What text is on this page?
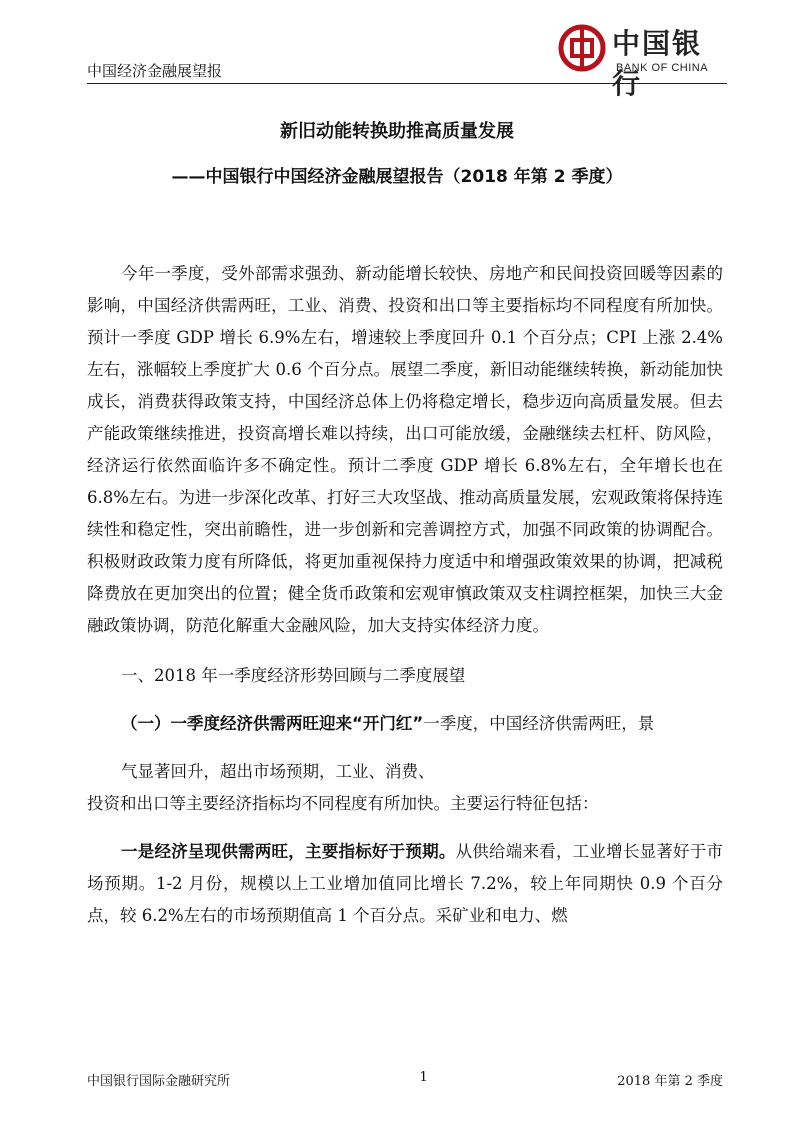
中国经济金融展望报
中国银行
BANK OF CHINA
新旧动能转换助推高质量发展
——中国银行中国经济金融展望报告（2018 年第 2 季度）

今年一季度，受外部需求强劲、新动能增长较快、房地产和民间投资回暖等因素的影响，中国经济供需两旺，工业、消费、投资和出口等主要指标均不同程度有所加快。预计一季度 GDP 增长 6.9%左右，增速较上季度回升 0.1 个百分点；CPI 上涨 2.4%左右，涨幅较上季度扩大 0.6 个百分点。展望二季度，新旧动能继续转换，新动能加快成长，消费获得政策支持，中国经济总体上仍将稳定增长，稳步迈向高质量发展。但去产能政策继续推进，投资高增长难以持续，出口可能放缓，金融继续去杠杆、防风险，经济运行依然面临许多不确定性。预计二季度 GDP 增长 6.8%左右，全年增长也在 6.8%左右。为进一步深化改革、打好三大攻坚战、推动高质量发展，宏观政策将保持连续性和稳定性，突出前瞻性，进一步创新和完善调控方式，加强不同政策的协调配合。积极财政政策力度有所降低，将更加重视保持力度适中和增强政策效果的协调，把减税降费放在更加突出的位置；健全货币政策和宏观审慎政策双支柱调控框架，加快三大金融政策协调，防范化解重大金融风险，加大支持实体经济力度。

一、2018 年一季度经济形势回顾与二季度展望

（一）一季度经济供需两旺迎来“开门红”一季度，中国经济供需两旺，景

气显著回升，超出市场预期，工业、消费、

投资和出口等主要经济指标均不同程度有所加快。主要运行特征包括：

一是经济呈现供需两旺，主要指标好于预期。从供给端来看，工业增长显著好于市场预期。1-2 月份，规模以上工业增加值同比增长 7.2%，较上年同期快 0.9 个百分点，较 6.2%左右的市场预期值高 1 个百分点。采矿业和电力、燃

中国银行国际金融研究所	1	2018 年第 2 季度
